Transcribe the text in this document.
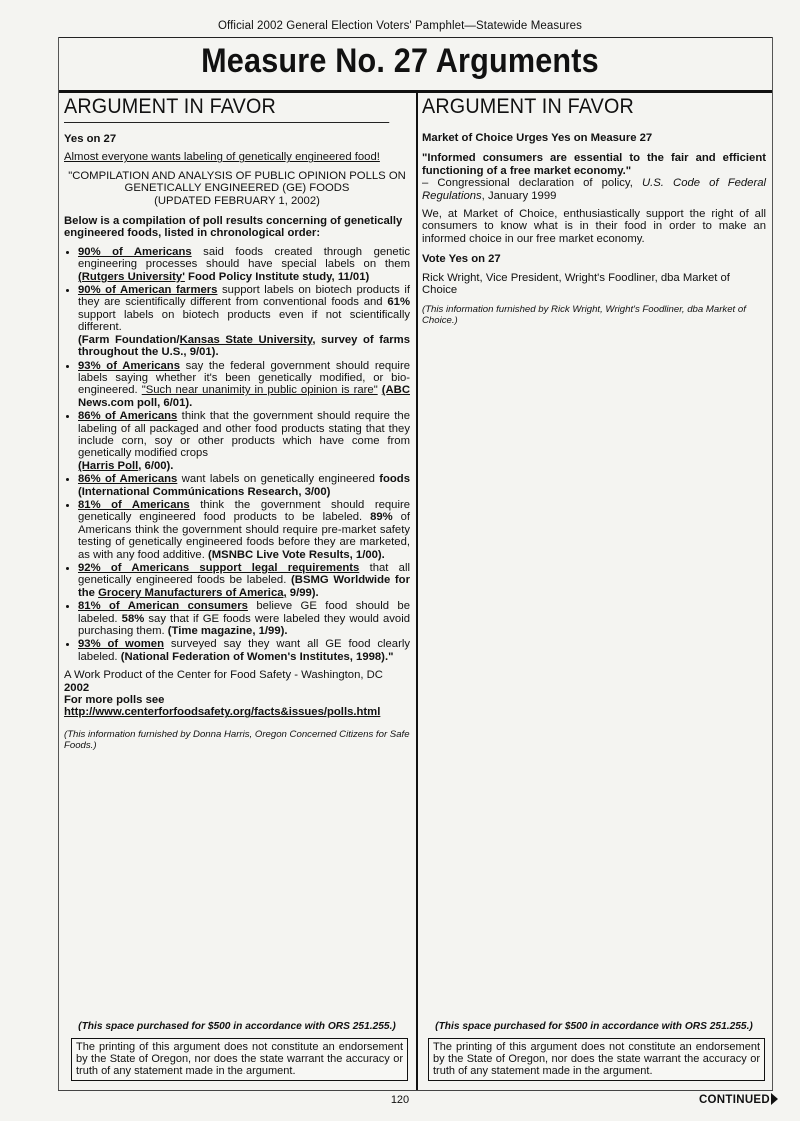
Official 2002 General Election Voters' Pamphlet—Statewide Measures
Measure No. 27 Arguments
ARGUMENT IN FAVOR

Yes on 27

Almost everyone wants labeling of genetically engineered food!

"COMPILATION AND ANALYSIS OF PUBLIC OPINION POLLS ON GENETICALLY ENGINEERED (GE) FOODS
(UPDATED FEBRUARY 1, 2002)

Below is a compilation of poll results concerning of genetically engineered foods, listed in chronological order:

• 90% of Americans said foods created through genetic engineering processes should have special labels on them (Rutgers University' Food Policy Institute study, 11/01)
• 90% of American farmers support labels on biotech products if they are scientifically different from conventional foods and 61% support labels on biotech products even if not scientifically different.
(Farm Foundation/Kansas State University, survey of farms throughout the U.S., 9/01).
• 93% of Americans say the federal government should require labels saying whether it's been genetically modified, or bio-engineered. "Such near unanimity in public opinion is rare" (ABC News.com poll, 6/01).
• 86% of Americans think that the government should require the labeling of all packaged and other food products stating that they include corn, soy or other products which have come from genetically modified crops
(Harris Poll, 6/00).
• 86% of Americans want labels on genetically engineered foods (International Commúnications Research, 3/00)
• 81% of Americans think the government should require genetically engineered food products to be labeled. 89% of Americans think the government should require pre-market safety testing of genetically engineered foods before they are marketed, as with any food additive. (MSNBC Live Vote Results, 1/00).
• 92% of Americans support legal requirements that all genetically engineered foods be labeled. (BSMG Worldwide for the Grocery Manufacturers of America, 9/99).
• 81% of American consumers believe GE food should be labeled. 58% say that if GE foods were labeled they would avoid purchasing them. (Time magazine, 1/99).
• 93% of women surveyed say they want all GE food clearly labeled. (National Federation of Women's Institutes, 1998)."

A Work Product of the Center for Food Safety - Washington, DC

2002
For more polls see

http://www.centerforfoodsafety.org/facts&issues/polls.html

(This information furnished by Donna Harris, Oregon Concerned Citizens for Safe Foods.)

ARGUMENT IN FAVOR

Market of Choice Urges Yes on Measure 27

"Informed consumers are essential to the fair and efficient functioning of a free market economy."

– Congressional declaration of policy, U.S. Code of Federal Regulations, January 1999

We, at Market of Choice, enthusiastically support the right of all consumers to know what is in their food in order to make an informed choice in our free market economy.

Vote Yes on 27

Rick Wright, Vice President, Wright's Foodliner, dba Market of Choice

(This information furnished by Rick Wright, Wright's Foodliner, dba Market of Choice.)

(This space purchased for $500 in accordance with ORS 251.255.)	(This space purchased for $500 in accordance with ORS 251.255.)
The printing of this argument does not constitute an endorsement by the State of Oregon, nor does the state warrant the accuracy or truth of any statement made in the argument.
The printing of this argument does not constitute an endorsement by the State of Oregon, nor does the state warrant the accuracy or truth of any statement made in the argument.
120	CONTINUED
